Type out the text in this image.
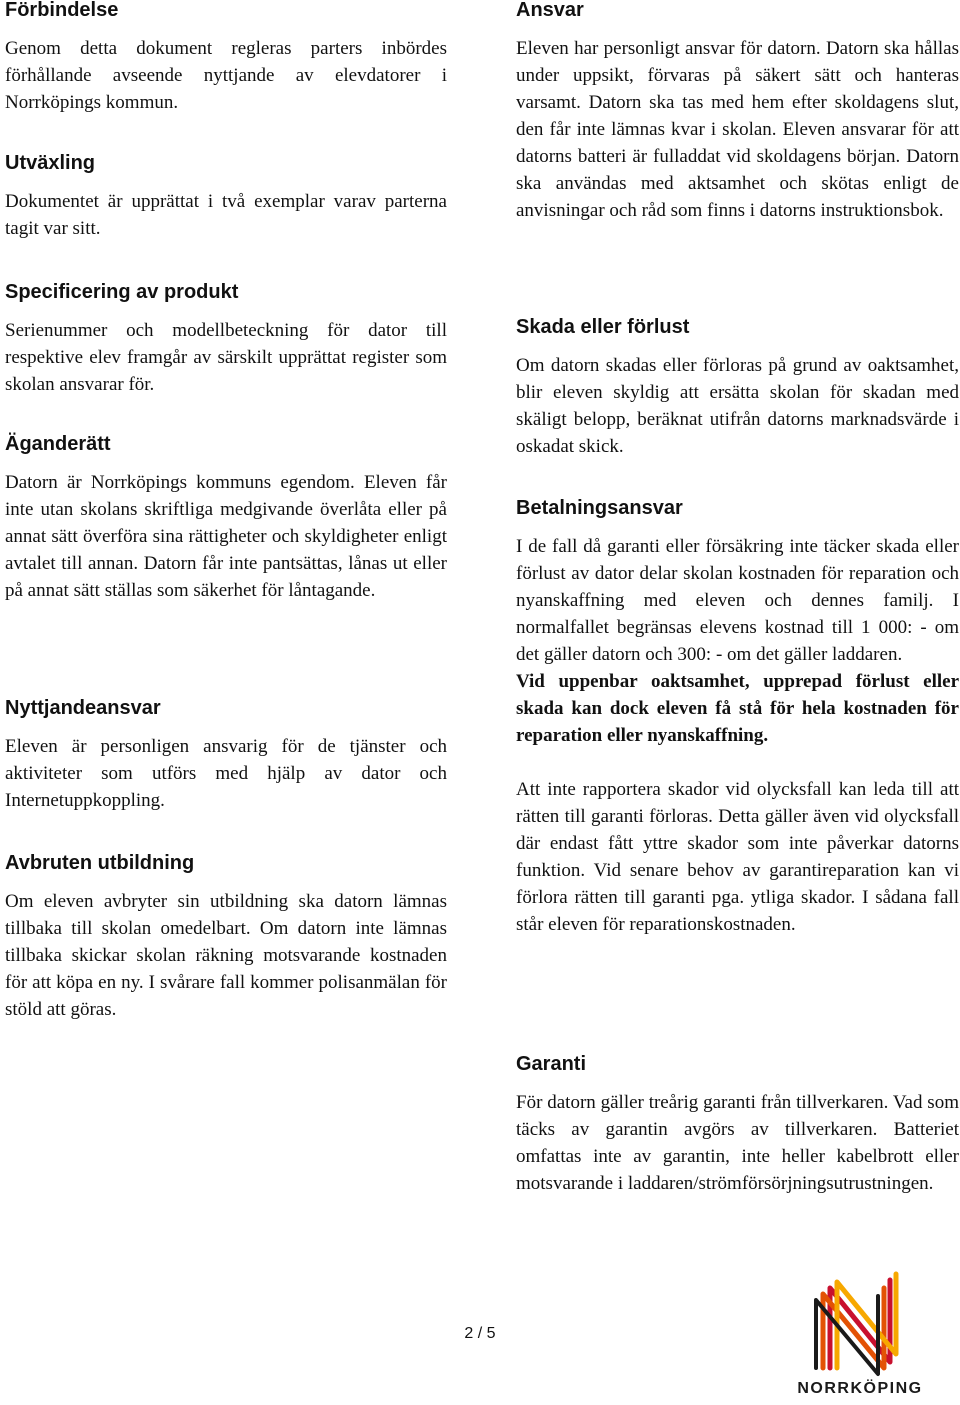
Förbindelse

Genom detta dokument regleras parters inbördes förhållande avseende nyttjande av elevdatorer i Norrköpings kommun.

Utväxling

Dokumentet är upprättat i två exemplar varav parterna tagit var sitt.

Specificering av produkt

Serienummer och modellbeteckning för dator till respektive elev framgår av särskilt upprättat register som skolan ansvarar för.

Äganderätt

Datorn är Norrköpings kommuns egendom. Eleven får inte utan skolans skriftliga medgivande överlåta eller på annat sätt överföra sina rättigheter och skyldigheter enligt avtalet till annan. Datorn får inte pantsättas, lånas ut eller på annat sätt ställas som säkerhet för låntagande.

Nyttjandeansvar

Eleven är personligen ansvarig för de tjänster och aktiviteter som utförs med hjälp av dator och Internetuppkoppling.

Avbruten utbildning

Om eleven avbryter sin utbildning ska datorn lämnas tillbaka till skolan omedelbart. Om datorn inte lämnas tillbaka skickar skolan räkning motsvarande kostnaden för att köpa en ny. I svårare fall kommer polisanmälan för stöld att göras.

Ansvar

Eleven har personligt ansvar för datorn. Datorn ska hållas under uppsikt, förvaras på säkert sätt och hanteras varsamt. Datorn ska tas med hem efter skoldagens slut, den får inte lämnas kvar i skolan. Eleven ansvarar för att datorns batteri är fulladdat vid skoldagens början. Datorn ska användas med aktsamhet och skötas enligt de anvisningar och råd som finns i datorns instruktionsbok.

Skada eller förlust

Om datorn skadas eller förloras på grund av oaktsamhet, blir eleven skyldig att ersätta skolan för skadan med skäligt belopp, beräknat utifrån datorns marknadsvärde i oskadat skick.

Betalningsansvar

I de fall då garanti eller försäkring inte täcker skada eller förlust av dator delar skolan kostnaden för reparation och nyanskaffning med eleven och dennes familj. I normalfallet begränsas elevens kostnad till 1 000: - om det gäller datorn och 300: - om det gäller laddaren.

Vid uppenbar oaktsamhet, upprepad förlust eller skada kan dock eleven få stå för hela kostnaden för reparation eller nyanskaffning.

Att inte rapportera skador vid olycksfall kan leda till att rätten till garanti förloras. Detta gäller även vid olycksfall där endast fått yttre skador som inte påverkar datorns funktion. Vid senare behov av garantireparation kan vi förlora rätten till garanti pga. ytliga skador. I sådana fall står eleven för reparationskostnaden.

Garanti

För datorn gäller treårig garanti från tillverkaren. Vad som täcks av garantin avgörs av tillverkaren. Batteriet omfattas inte av garantin, inte heller kabelbrott eller motsvarande i laddaren/strömförsörjningsutrustningen.

2 / 5
NORRKÖPING
